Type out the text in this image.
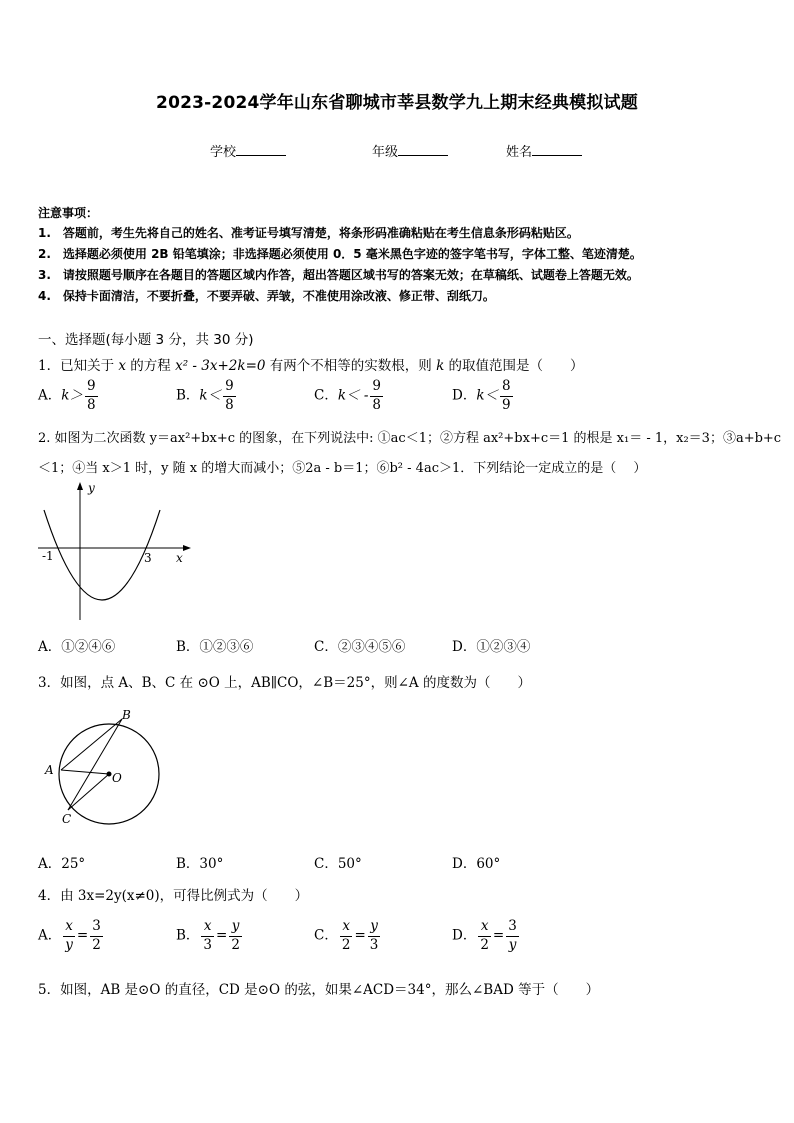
2023-2024学年山东省聊城市莘县数学九上期末经典模拟试题
学校	年级	姓名
注意事项：
1.　答题前，考生先将自己的姓名、准考证号填写清楚，将条形码准确粘贴在考生信息条形码粘贴区。
2.　选择题必须使用 2B 铅笔填涂；非选择题必须使用 0．5 毫米黑色字迹的签字笔书写，字体工整、笔迹清楚。
3.　请按照题号顺序在各题目的答题区域内作答，超出答题区域书写的答案无效；在草稿纸、试题卷上答题无效。
4.　保持卡面清洁，不要折叠，不要弄破、弄皱，不准使用涂改液、修正带、刮纸刀。
一、选择题(每小题 3 分，共 30 分)
1．已知关于 x 的方程 x² - 3x+2k=0 有两个不相等的实数根，则 k 的取值范围是（　　）
A．$k> \frac{9}{8}$	B．$k< \frac{9}{8}$	C．$k< - \frac{9}{8}$	D．$k< \frac{8}{9}$
2. 如图为二次函数 y＝ax²+bx+c 的图象，在下列说法中: ①ac＜1；②方程 ax²+bx+c＝1 的根是 x₁＝ - 1，x₂＝3；③a+b+c
＜1；④当 x＞1 时，y 随 x 的增大而减小；⑤2a - b＝1；⑥b² - 4ac＞1．下列结论一定成立的是（　 ）
y
x
-1	3
A．①②④⑥	B．①②③⑥	C．②③④⑤⑥	D．①②③④
3．如图，点 A、B、C 在 ⊙O 上，AB∥CO，∠B＝25°，则∠A 的度数为（　　）
B
A
O
C
A．25°	B．30°	C．50°	D．60°
4．由 3x=2y(x≠0)，可得比例式为（　　）
A． $\frac{x}{y} = \frac{3}{2}$	B． $\frac{x}{3} = \frac{y}{2}$	C． $\frac{x}{2} = \frac{y}{3}$	D． $\frac{x}{2} = \frac{3}{y}$
5．如图，AB 是⊙O 的直径，CD 是⊙O 的弦，如果∠ACD＝34°，那么∠BAD 等于（　　）
